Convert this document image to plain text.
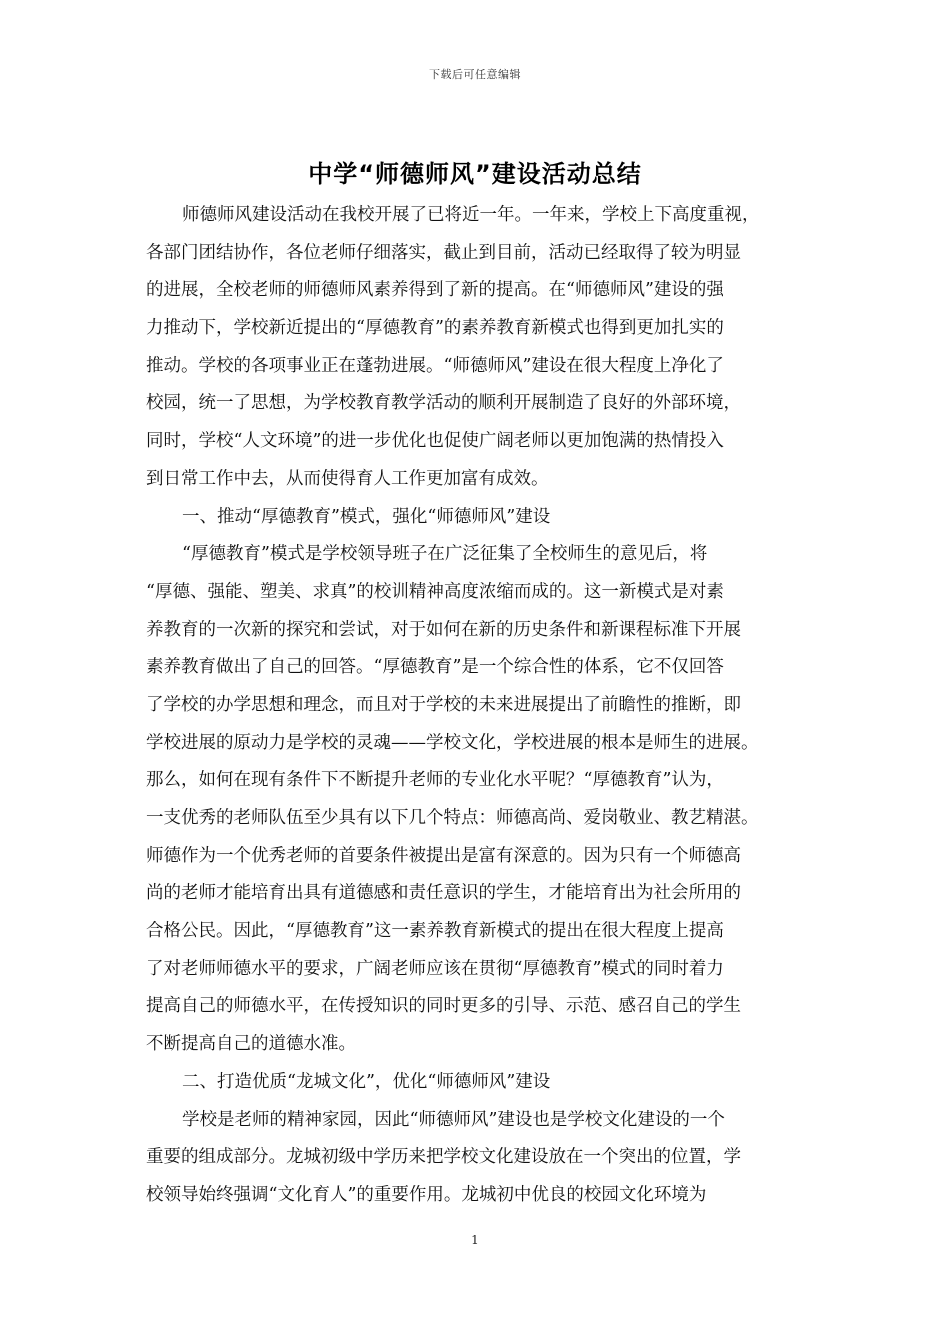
下载后可任意编辑
中学“师德师风”建设活动总结
师德师风建设活动在我校开展了已将近一年。一年来，学校上下高度重视，
各部门团结协作，各位老师仔细落实，截止到目前，活动已经取得了较为明显
的进展，全校老师的师德师风素养得到了新的提高。在“师德师风”建设的强
力推动下，学校新近提出的“厚德教育”的素养教育新模式也得到更加扎实的
推动。学校的各项事业正在蓬勃进展。“师德师风”建设在很大程度上净化了
校园，统一了思想，为学校教育教学活动的顺利开展制造了良好的外部环境，
同时，学校“人文环境”的进一步优化也促使广阔老师以更加饱满的热情投入
到日常工作中去，从而使得育人工作更加富有成效。
一、推动“厚德教育”模式，强化“师德师风”建设
“厚德教育”模式是学校领导班子在广泛征集了全校师生的意见后，将
“厚德、强能、塑美、求真”的校训精神高度浓缩而成的。这一新模式是对素
养教育的一次新的探究和尝试，对于如何在新的历史条件和新课程标准下开展
素养教育做出了自己的回答。“厚德教育”是一个综合性的体系，它不仅回答
了学校的办学思想和理念，而且对于学校的未来进展提出了前瞻性的推断，即
学校进展的原动力是学校的灵魂——学校文化，学校进展的根本是师生的进展。
那么，如何在现有条件下不断提升老师的专业化水平呢？“厚德教育”认为，
一支优秀的老师队伍至少具有以下几个特点：师德高尚、爱岗敬业、教艺精湛。
师德作为一个优秀老师的首要条件被提出是富有深意的。因为只有一个师德高
尚的老师才能培育出具有道德感和责任意识的学生，才能培育出为社会所用的
合格公民。因此，“厚德教育”这一素养教育新模式的提出在很大程度上提高
了对老师师德水平的要求，广阔老师应该在贯彻“厚德教育”模式的同时着力
提高自己的师德水平，在传授知识的同时更多的引导、示范、感召自己的学生
不断提高自己的道德水准。
二、打造优质“龙城文化”，优化“师德师风”建设
学校是老师的精神家园，因此“师德师风”建设也是学校文化建设的一个
重要的组成部分。龙城初级中学历来把学校文化建设放在一个突出的位置，学
校领导始终强调“文化育人”的重要作用。龙城初中优良的校园文化环境为
1
